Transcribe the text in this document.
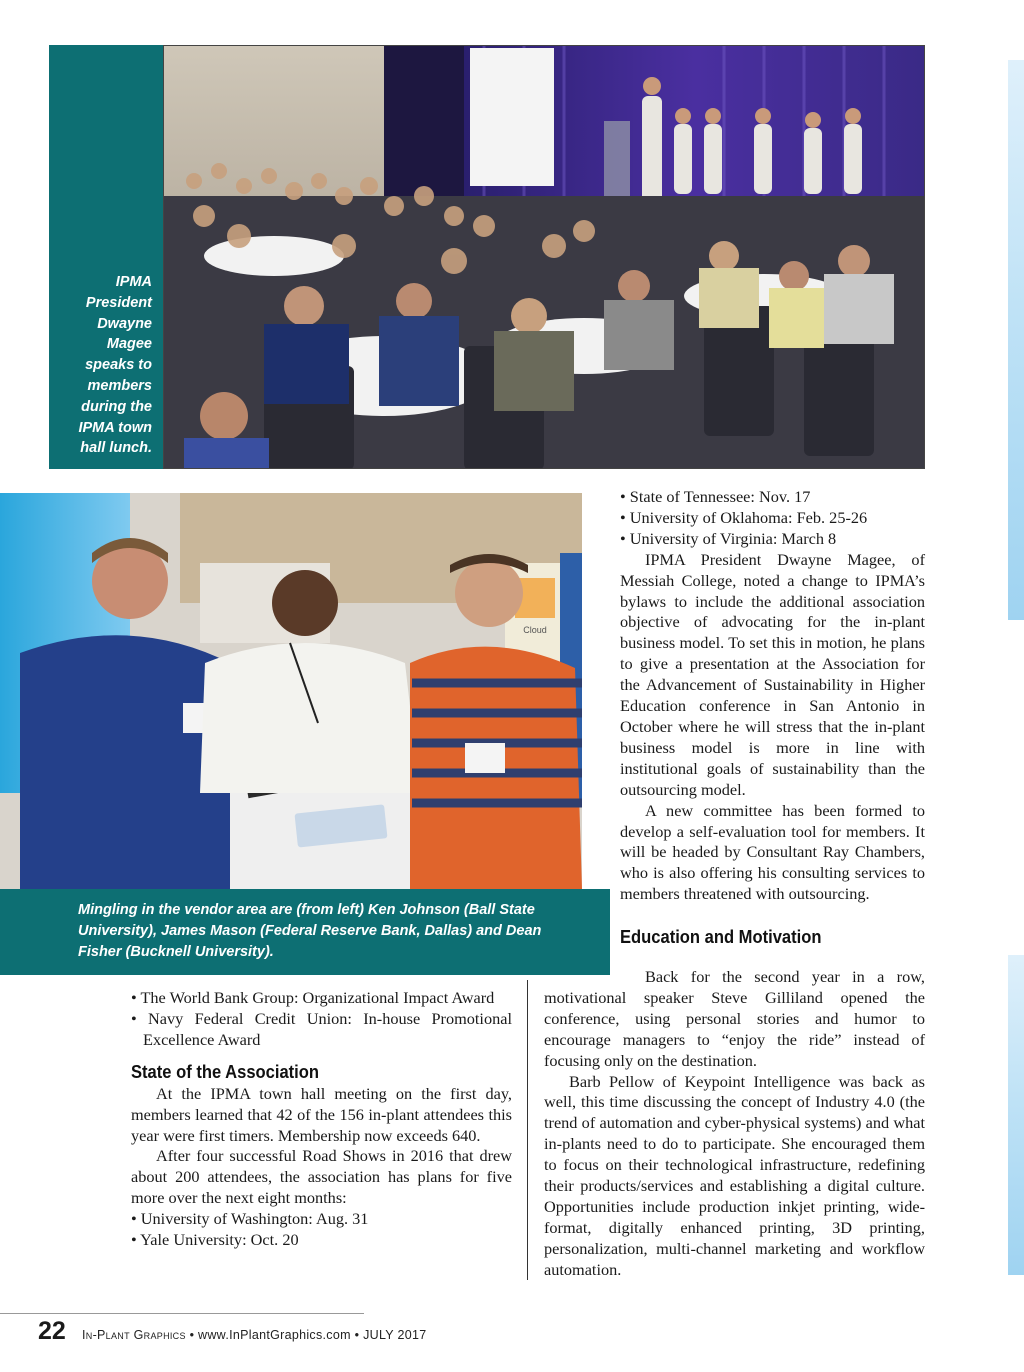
IPMA President Dwayne Magee speaks to members during the IPMA town hall lunch.
Cloud
Mingling in the vendor area are (from left) Ken Johnson (Ball State University), James Mason (Federal Reserve Bank, Dallas) and Dean Fisher (Bucknell University).
• State of Tennessee: Nov. 17
• University of Oklahoma: Feb. 25-26
• University of Virginia: March 8

IPMA President Dwayne Magee, of Messiah College, noted a change to IPMA’s bylaws to include the additional association objective of advocating for the in-plant business model. To set this in motion, he plans to give a presentation at the Association for the Advancement of Sustainability in Higher Education conference in San Antonio in October where he will stress that the in-plant business model is more in line with institutional goals of sustainability than the outsourcing model.

A new committee has been formed to develop a self-evaluation tool for members. It will be headed by Consultant Ray Chambers, who is also offering his consulting services to members threatened with outsourcing.

Education and Motivation
• The World Bank Group: Organizational Impact Award
• Navy Federal Credit Union: In-house Promotional Excellence Award
State of the Association

At the IPMA town hall meeting on the first day, members learned that 42 of the 156 in-plant attendees this year were first timers. Membership now exceeds 640.

After four successful Road Shows in 2016 that drew about 200 attendees, the association has plans for five more over the next eight months:

• University of Washington: Aug. 31
• Yale University: Oct. 20

Back for the second year in a row, motivational speaker Steve Gilliland opened the conference, using personal stories and humor to encourage managers to “enjoy the ride” instead of focusing only on the destination.

Barb Pellow of Keypoint Intelligence was back as well, this time discussing the concept of Industry 4.0 (the trend of automation and cyber-physical systems) and what in-plants need to do to participate. She encouraged them to focus on their technological infrastructure, redefining their products/services and establishing a digital culture. Opportunities include production inkjet printing, wide-format, digitally enhanced printing, 3D printing, personalization, multi-channel marketing and workflow automation.

22 In-Plant Graphics • www.InPlantGraphics.com • JULY 2017
